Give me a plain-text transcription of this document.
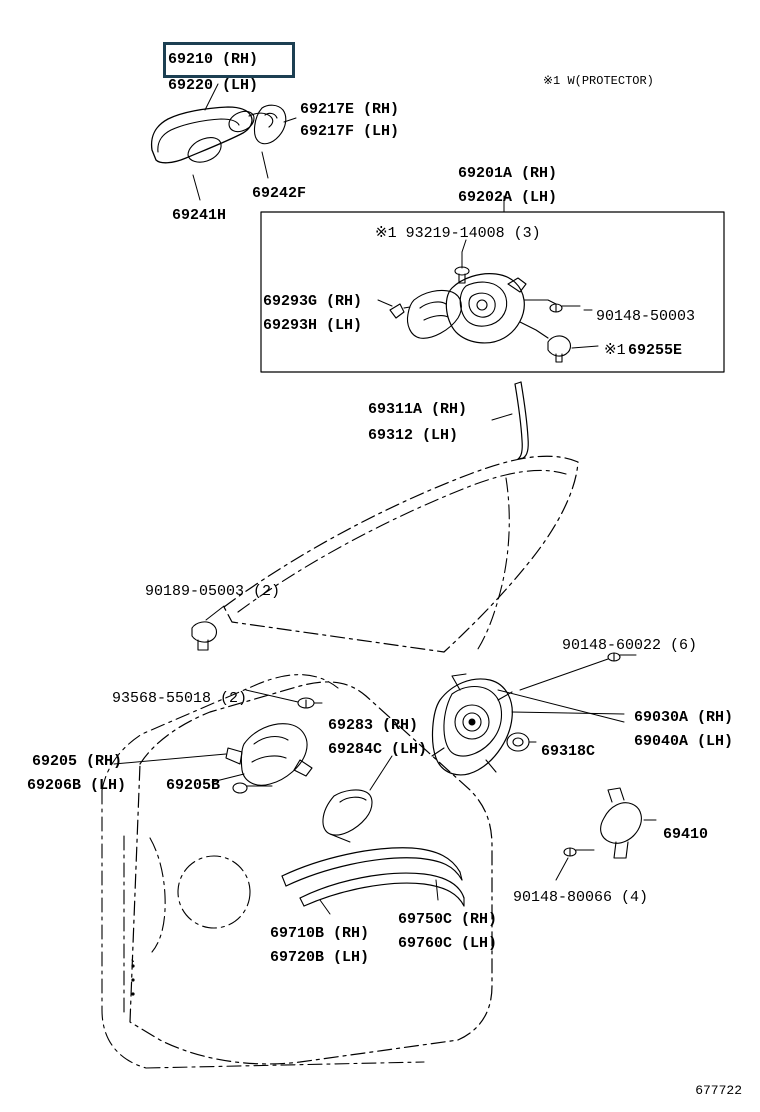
69210 (RH)
69220 (LH)
69217E (RH)
69217F (LH)
69242F
69241H
69201A (RH)
69202A (LH)
※1 93219-14008 (3)
69293G (RH)
69293H (LH)
90148-50003
※1 69255E
69311A (RH)
69312 (LH)
90189-05003 (2)
93568-55018 (2)
90148-60022 (6)
69283 (RH)
69284C (LH)	69318C
69030A (RH)
69040A (LH)
69205 (RH)
69206B (LH)	69205B
69410
90148-80066 (4)
69750C (RH)
69760C (LH)
69710B (RH)
69720B (LH)
※1 W(PROTECTOR)
677722
